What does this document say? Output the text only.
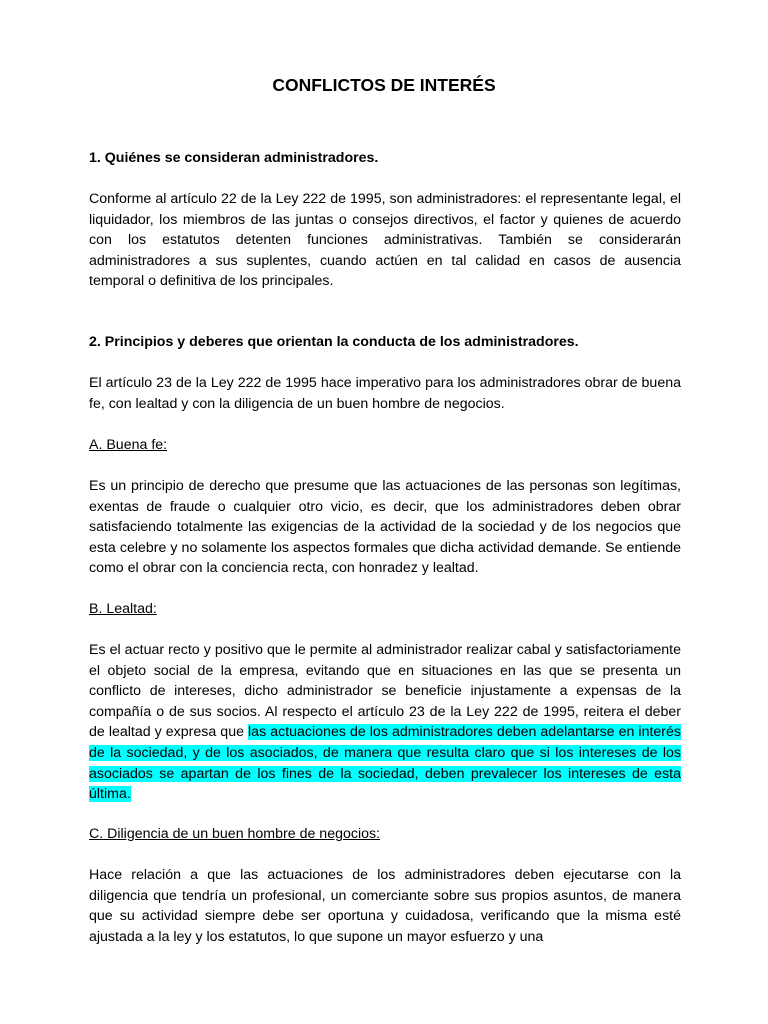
CONFLICTOS DE INTERÉS

1. Quiénes se consideran administradores.

Conforme al artículo 22 de la Ley 222 de 1995, son administradores: el representante legal, el liquidador, los miembros de las juntas o consejos directivos, el factor y quienes de acuerdo con los estatutos detenten funciones administrativas. También se considerarán administradores a sus suplentes, cuando actúen en tal calidad en casos de ausencia temporal o definitiva de los principales.

2. Principios y deberes que orientan la conducta de los administradores.

El artículo 23 de la Ley 222 de 1995 hace imperativo para los administradores obrar de buena fe, con lealtad y con la diligencia de un buen hombre de negocios.

A. Buena fe:

Es un principio de derecho que presume que las actuaciones de las personas son legítimas, exentas de fraude o cualquier otro vicio, es decir, que los administradores deben obrar satisfaciendo totalmente las exigencias de la actividad de la sociedad y de los negocios que esta celebre y no solamente los aspectos formales que dicha actividad demande. Se entiende como el obrar con la conciencia recta, con honradez y lealtad.

B. Lealtad:

Es el actuar recto y positivo que le permite al administrador realizar cabal y satisfactoriamente el objeto social de la empresa, evitando que en situaciones en las que se presenta un conflicto de intereses, dicho administrador se beneficie injustamente a expensas de la compañía o de sus socios. Al respecto el artículo 23 de la Ley 222 de 1995, reitera el deber de lealtad y expresa que las actuaciones de los administradores deben adelantarse en interés de la sociedad, y de los asociados, de manera que resulta claro que si los intereses de los asociados se apartan de los fines de la sociedad, deben prevalecer los intereses de esta última.

C. Diligencia de un buen hombre de negocios:

Hace relación a que las actuaciones de los administradores deben ejecutarse con la diligencia que tendría un profesional, un comerciante sobre sus propios asuntos, de manera que su actividad siempre debe ser oportuna y cuidadosa, verificando que la misma esté ajustada a la ley y los estatutos, lo que supone un mayor esfuerzo y una
